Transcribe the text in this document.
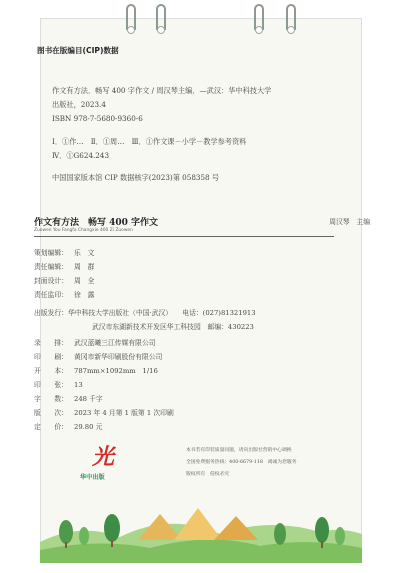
图书在版编目(CIP)数据
作文有方法．畅写 400 字作文 / 周汉琴主编．—武汉：华中科技大学
出版社，2023.4
ISBN 978-7-5680-9360-6
Ⅰ．①作…　Ⅱ．①周…　Ⅲ．①作文课－小学－教学参考资料
Ⅳ．①G624.243
中国国家版本馆 CIP 数据核字(2023)第 058358 号
作文有方法　畅写 400 字作文
Zuowen You Fangfa Changxie 400 Zi Zuowen
周汉琴　主编
策划编辑： 乐　文
责任编辑： 周　群
封面设计： 周　全
责任监印： 徐　露
出版发行：华中科技大学出版社（中国·武汉）　　电话：(027)81321913
武汉市东湖新技术开发区华工科技园　邮编：430223
录　　排： 武汉蓝曦三江传媒有限公司
印　　刷： 黄冈市新华印刷股份有限公司
开　　本： 787mm×1092mm　1/16
印　　张： 13
字　　数： 248 千字
版　　次： 2023 年 4 月第 1 版第 1 次印刷
定　　价： 29.80 元
光
华中出版
本书若有印装质量问题，请向出版社营销中心调换
全国免费服务热线：400-6679-118　竭诚为您服务
版权所有　侵权必究
